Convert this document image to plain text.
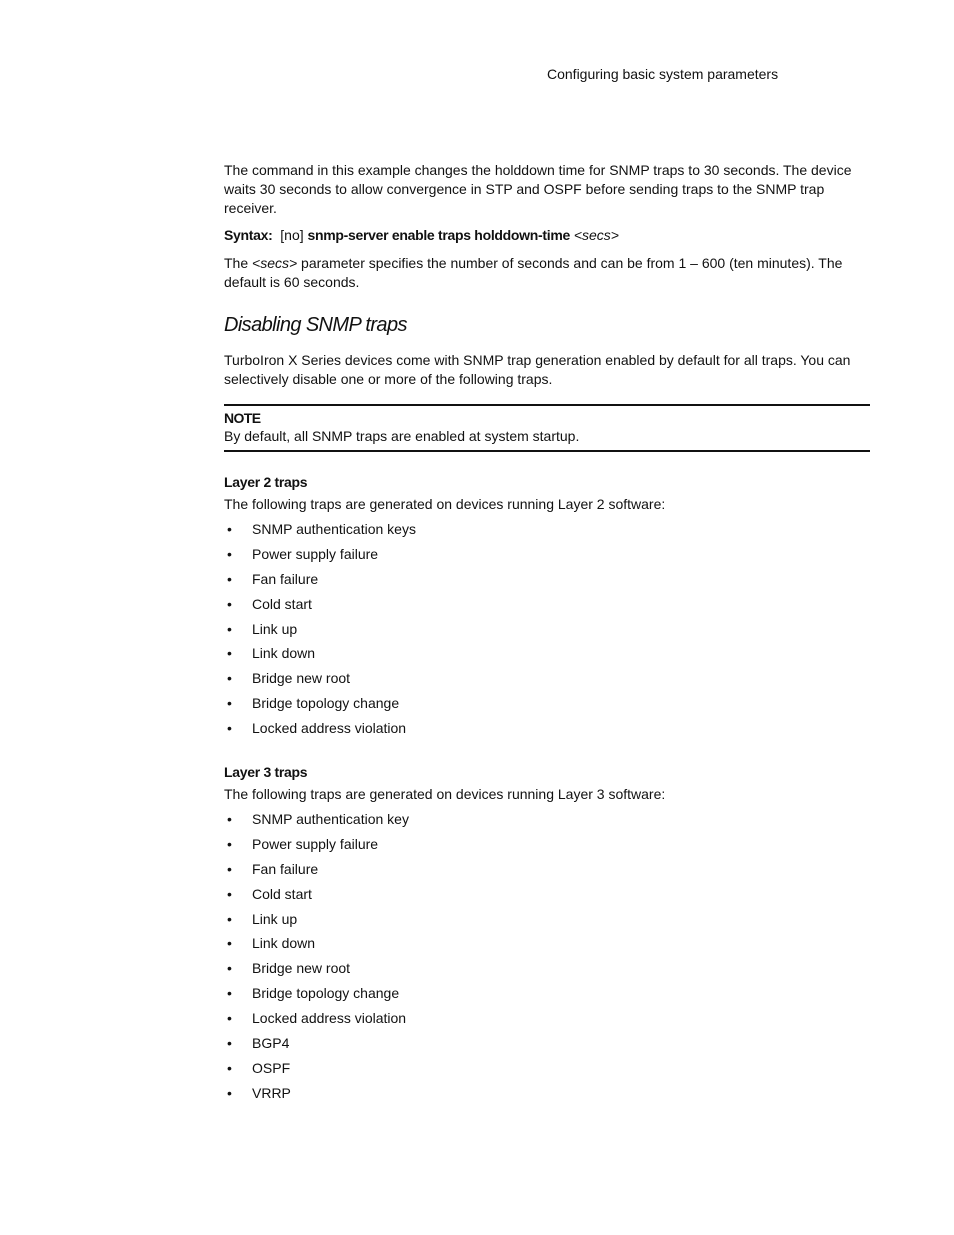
Configuring basic system parameters

The command in this example changes the holddown time for SNMP traps to 30 seconds. The device waits 30 seconds to allow convergence in STP and OSPF before sending traps to the SNMP trap receiver.

Syntax: [no] snmp-server enable traps holddown-time <secs>

The <secs> parameter specifies the number of seconds and can be from 1 – 600 (ten minutes). The default is 60 seconds.

Disabling SNMP traps

TurboIron X Series devices come with SNMP trap generation enabled by default for all traps. You can selectively disable one or more of the following traps.

NOTE
By default, all SNMP traps are enabled at system startup.
Layer 2 traps

The following traps are generated on devices running Layer 2 software:

• SNMP authentication keys
• Power supply failure
• Fan failure
• Cold start
• Link up
• Link down
• Bridge new root
• Bridge topology change
• Locked address violation
Layer 3 traps

The following traps are generated on devices running Layer 3 software:

• SNMP authentication key
• Power supply failure
• Fan failure
• Cold start
• Link up
• Link down
• Bridge new root
• Bridge topology change
• Locked address violation
• BGP4
• OSPF
• VRRP
